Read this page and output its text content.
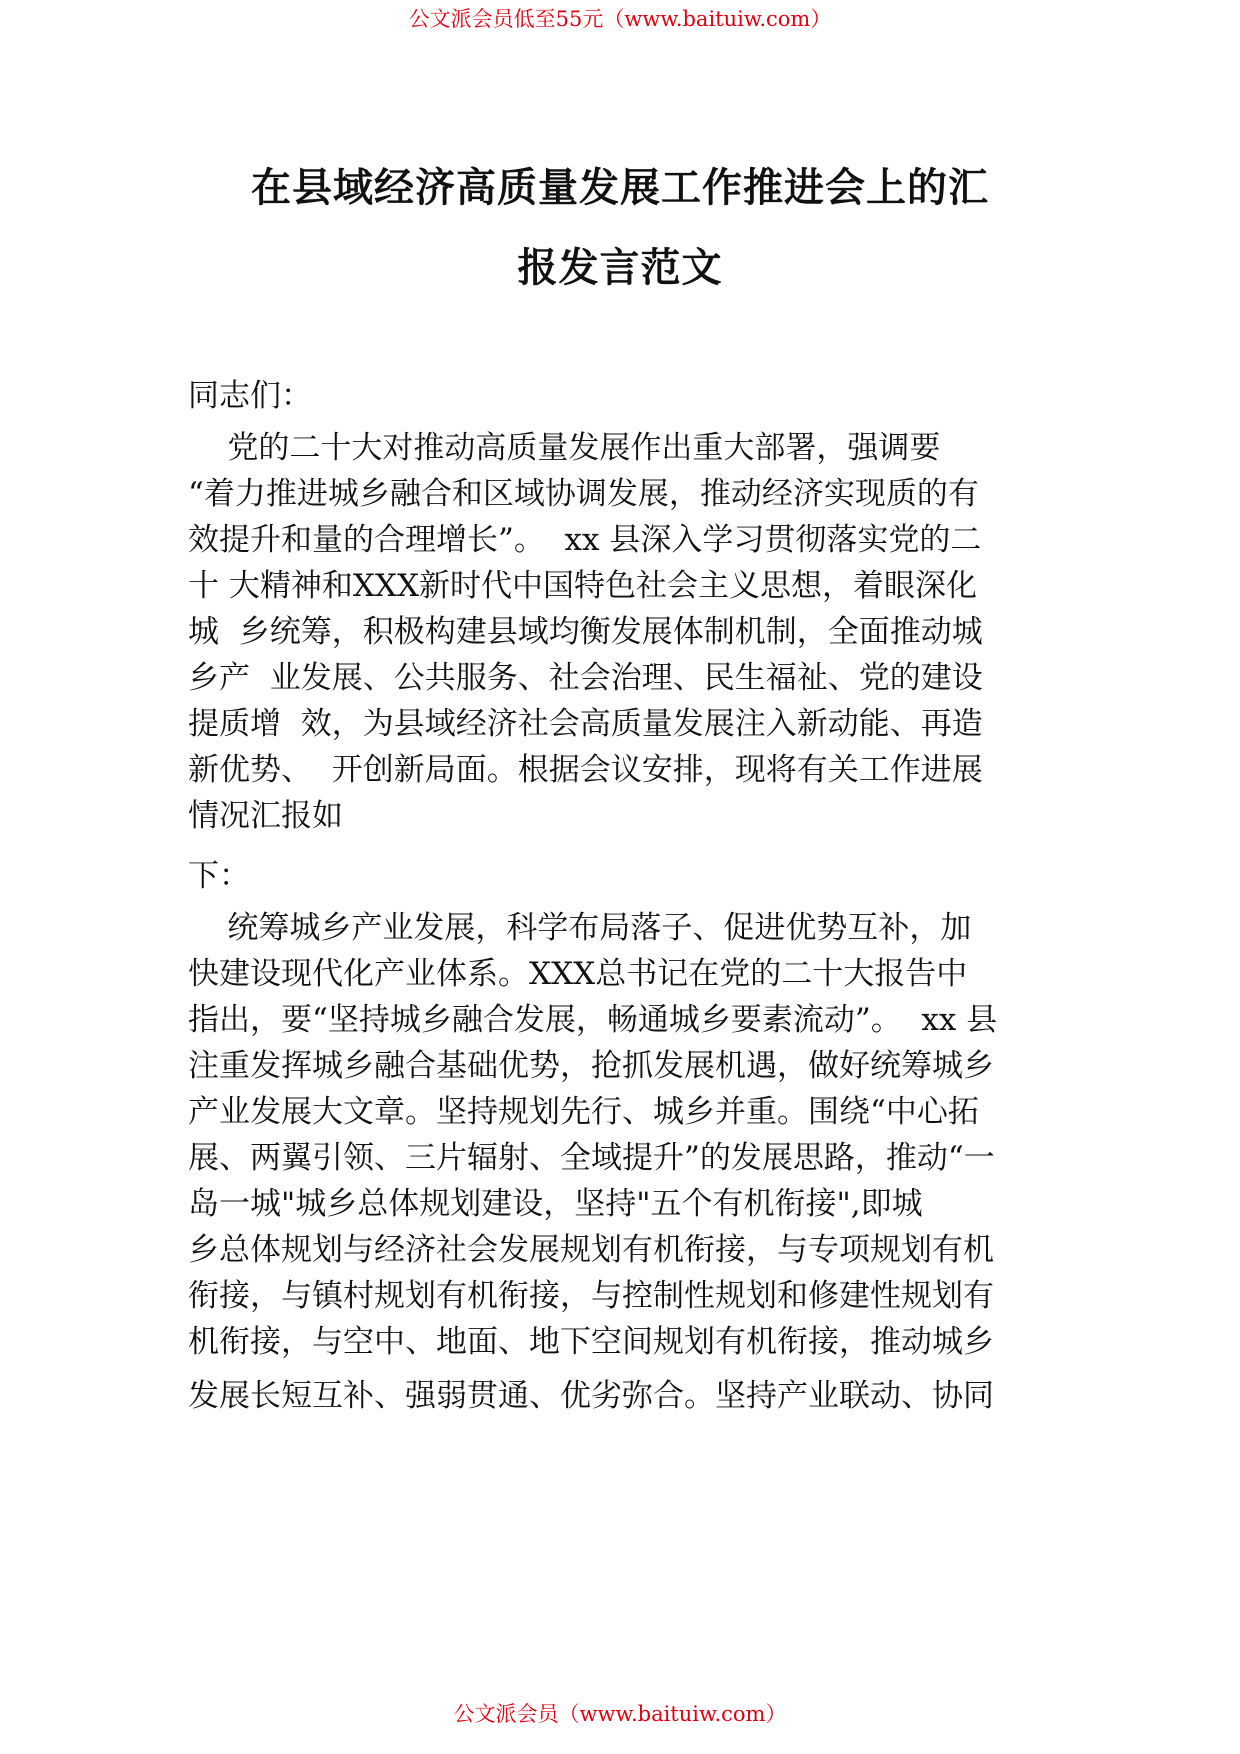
公文派会员低至55元（www.baituiw.com）
在县域经济高质量发展工作推进会上的汇
报发言范文

同志们：

党的二十大对推动高质量发展作出重大部署，强调要

“着力推进城乡融合和区域协调发展，推动经济实现质的有

效提升和量的合理增长”。  xx 县深入学习贯彻落实党的二

十 大精神和XXX新时代中国特色社会主义思想，着眼深化

城  乡统筹，积极构建县域均衡发展体制机制，全面推动城

乡产  业发展、公共服务、社会治理、民生福祉、党的建设

提质增  效，为县域经济社会高质量发展注入新动能、再造

新优势、  开创新局面。根据会议安排，现将有关工作进展

情况汇报如

下：

统筹城乡产业发展，科学布局落子、促进优势互补，加

快建设现代化产业体系。XXX总书记在党的二十大报告中

指出，要“坚持城乡融合发展，畅通城乡要素流动”。  xx 县

注重发挥城乡融合基础优势，抢抓发展机遇，做好统筹城乡

产业发展大文章。坚持规划先行、城乡并重。围绕“中心拓

展、两翼引领、三片辐射、全域提升”的发展思路，推动“一

岛一城"城乡总体规划建设，坚持"五个有机衔接",即城

乡总体规划与经济社会发展规划有机衔接，与专项规划有机

衔接，与镇村规划有机衔接，与控制性规划和修建性规划有

机衔接，与空中、地面、地下空间规划有机衔接，推动城乡

发展长短互补、强弱贯通、优劣弥合。坚持产业联动、协同

公文派会员（www.baituiw.com）
